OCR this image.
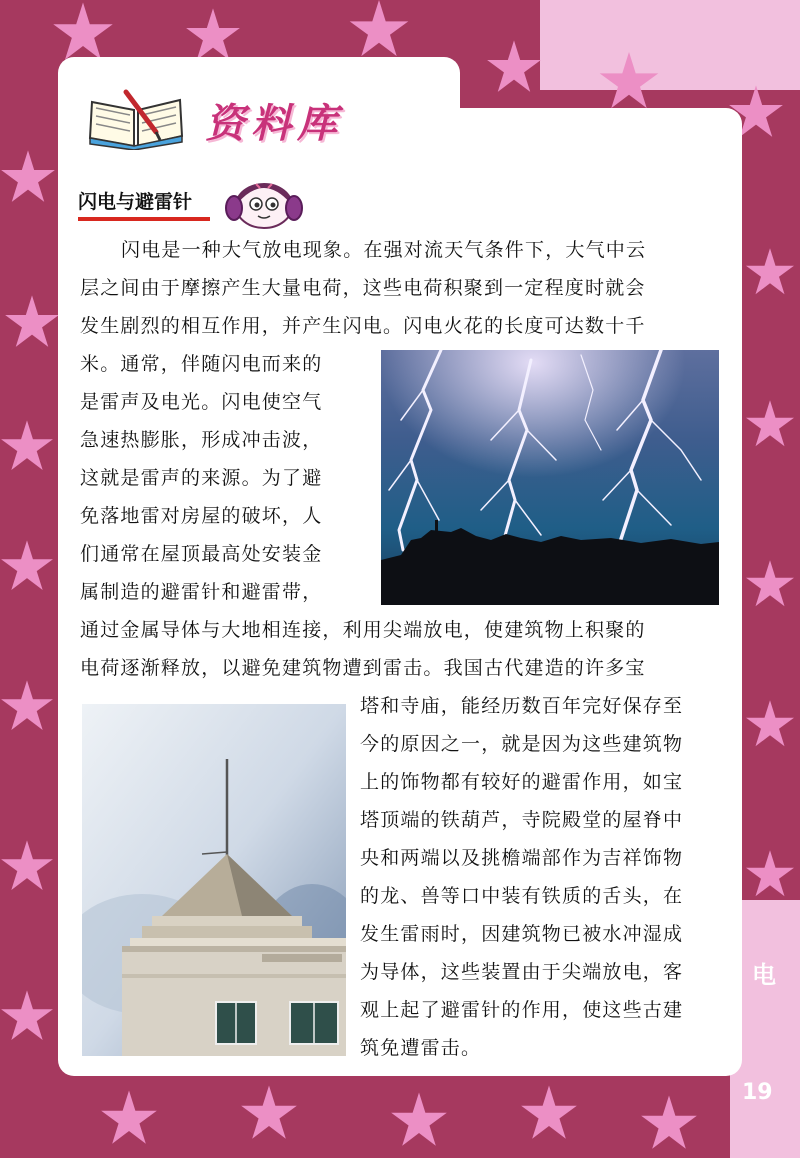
资料库
闪电与避雷针
闪电是一种大气放电现象。在强对流天气条件下，大气中云
层之间由于摩擦产生大量电荷，这些电荷积聚到一定程度时就会
发生剧烈的相互作用，并产生闪电。闪电火花的长度可达数十千
米。通常，伴随闪电而来的
是雷声及电光。闪电使空气
急速热膨胀，形成冲击波，
这就是雷声的来源。为了避
免落地雷对房屋的破坏，人
们通常在屋顶最高处安装金
属制造的避雷针和避雷带，
通过金属导体与大地相连接，利用尖端放电，使建筑物上积聚的
电荷逐渐释放，以避免建筑物遭到雷击。我国古代建造的许多宝
塔和寺庙，能经历数百年完好保存至
今的原因之一，就是因为这些建筑物
上的饰物都有较好的避雷作用，如宝
塔顶端的铁葫芦，寺院殿堂的屋脊中
央和两端以及挑檐端部作为吉祥饰物
的龙、兽等口中装有铁质的舌头，在
发生雷雨时，因建筑物已被水冲湿成
为导体，这些装置由于尖端放电，客
观上起了避雷针的作用，使这些古建
筑免遭雷击。
电
19
